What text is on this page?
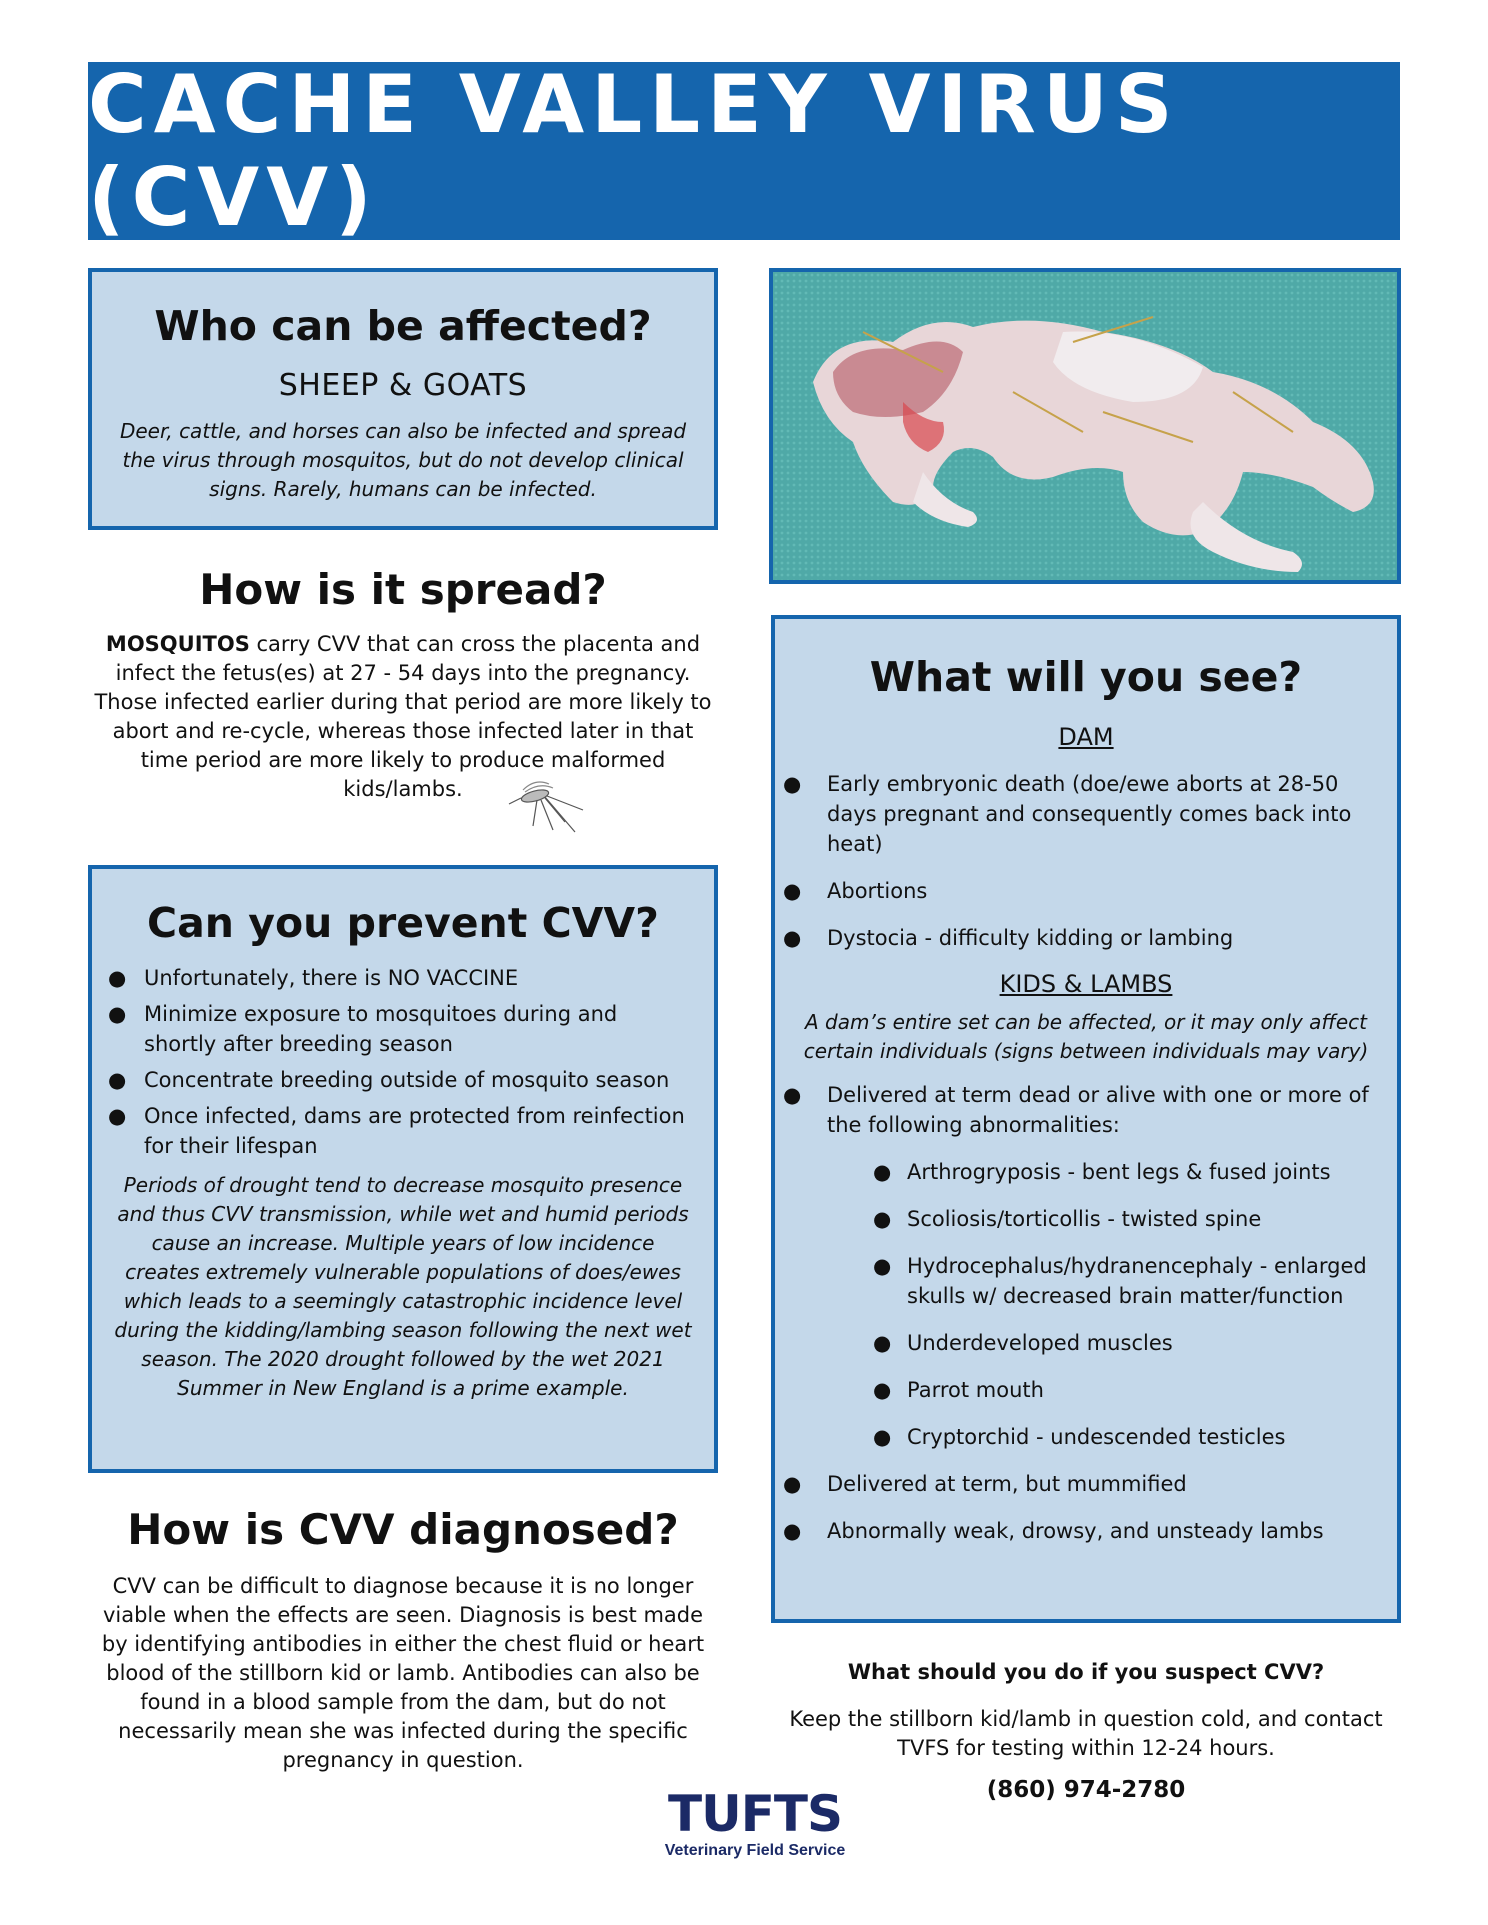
CACHE VALLEY VIRUS (CVV)
Who can be affected?
SHEEP & GOATS
Deer, cattle, and horses can also be infected and spread the virus through mosquitos, but do not develop clinical signs. Rarely, humans can be infected.
How is it spread?
MOSQUITOS carry CVV that can cross the placenta and infect the fetus(es) at 27 - 54 days into the pregnancy. Those infected earlier during that period are more likely to abort and re-cycle, whereas those infected later in that time period are more likely to produce malformed kids/lambs.
Can you prevent CVV?
● Unfortunately, there is NO VACCINE
● Minimize exposure to mosquitoes during and shortly after breeding season
● Concentrate breeding outside of mosquito season
● Once infected, dams are protected from reinfection for their lifespan
Periods of drought tend to decrease mosquito presence and thus CVV transmission, while wet and humid periods cause an increase. Multiple years of low incidence creates extremely vulnerable populations of does/ewes which leads to a seemingly catastrophic incidence level during the kidding/lambing season following the next wet season. The 2020 drought followed by the wet 2021 Summer in New England is a prime example.
How is CVV diagnosed?
CVV can be difficult to diagnose because it is no longer viable when the effects are seen. Diagnosis is best made by identifying antibodies in either the chest fluid or heart blood of the stillborn kid or lamb. Antibodies can also be found in a blood sample from the dam, but do not necessarily mean she was infected during the specific pregnancy in question.
What will you see?
DAM
● Early embryonic death (doe/ewe aborts at 28-50 days pregnant and consequently comes back into heat)
● Abortions
● Dystocia - difficulty kidding or lambing
KIDS & LAMBS
A dam’s entire set can be affected, or it may only affect certain individuals (signs between individuals may vary)
● Delivered at term dead or alive with one or more of the following abnormalities:
● Arthrogryposis - bent legs & fused joints
● Scoliosis/torticollis - twisted spine
● Hydrocephalus/hydranencephaly - enlarged skulls w/ decreased brain matter/function
● Underdeveloped muscles
● Parrot mouth
● Cryptorchid - undescended testicles
● Delivered at term, but mummified
● Abnormally weak, drowsy, and unsteady lambs
What should you do if you suspect CVV?
Keep the stillborn kid/lamb in question cold, and contact TVFS for testing within 12-24 hours.
(860) 974-2780
TUFTS
Veterinary Field Service
